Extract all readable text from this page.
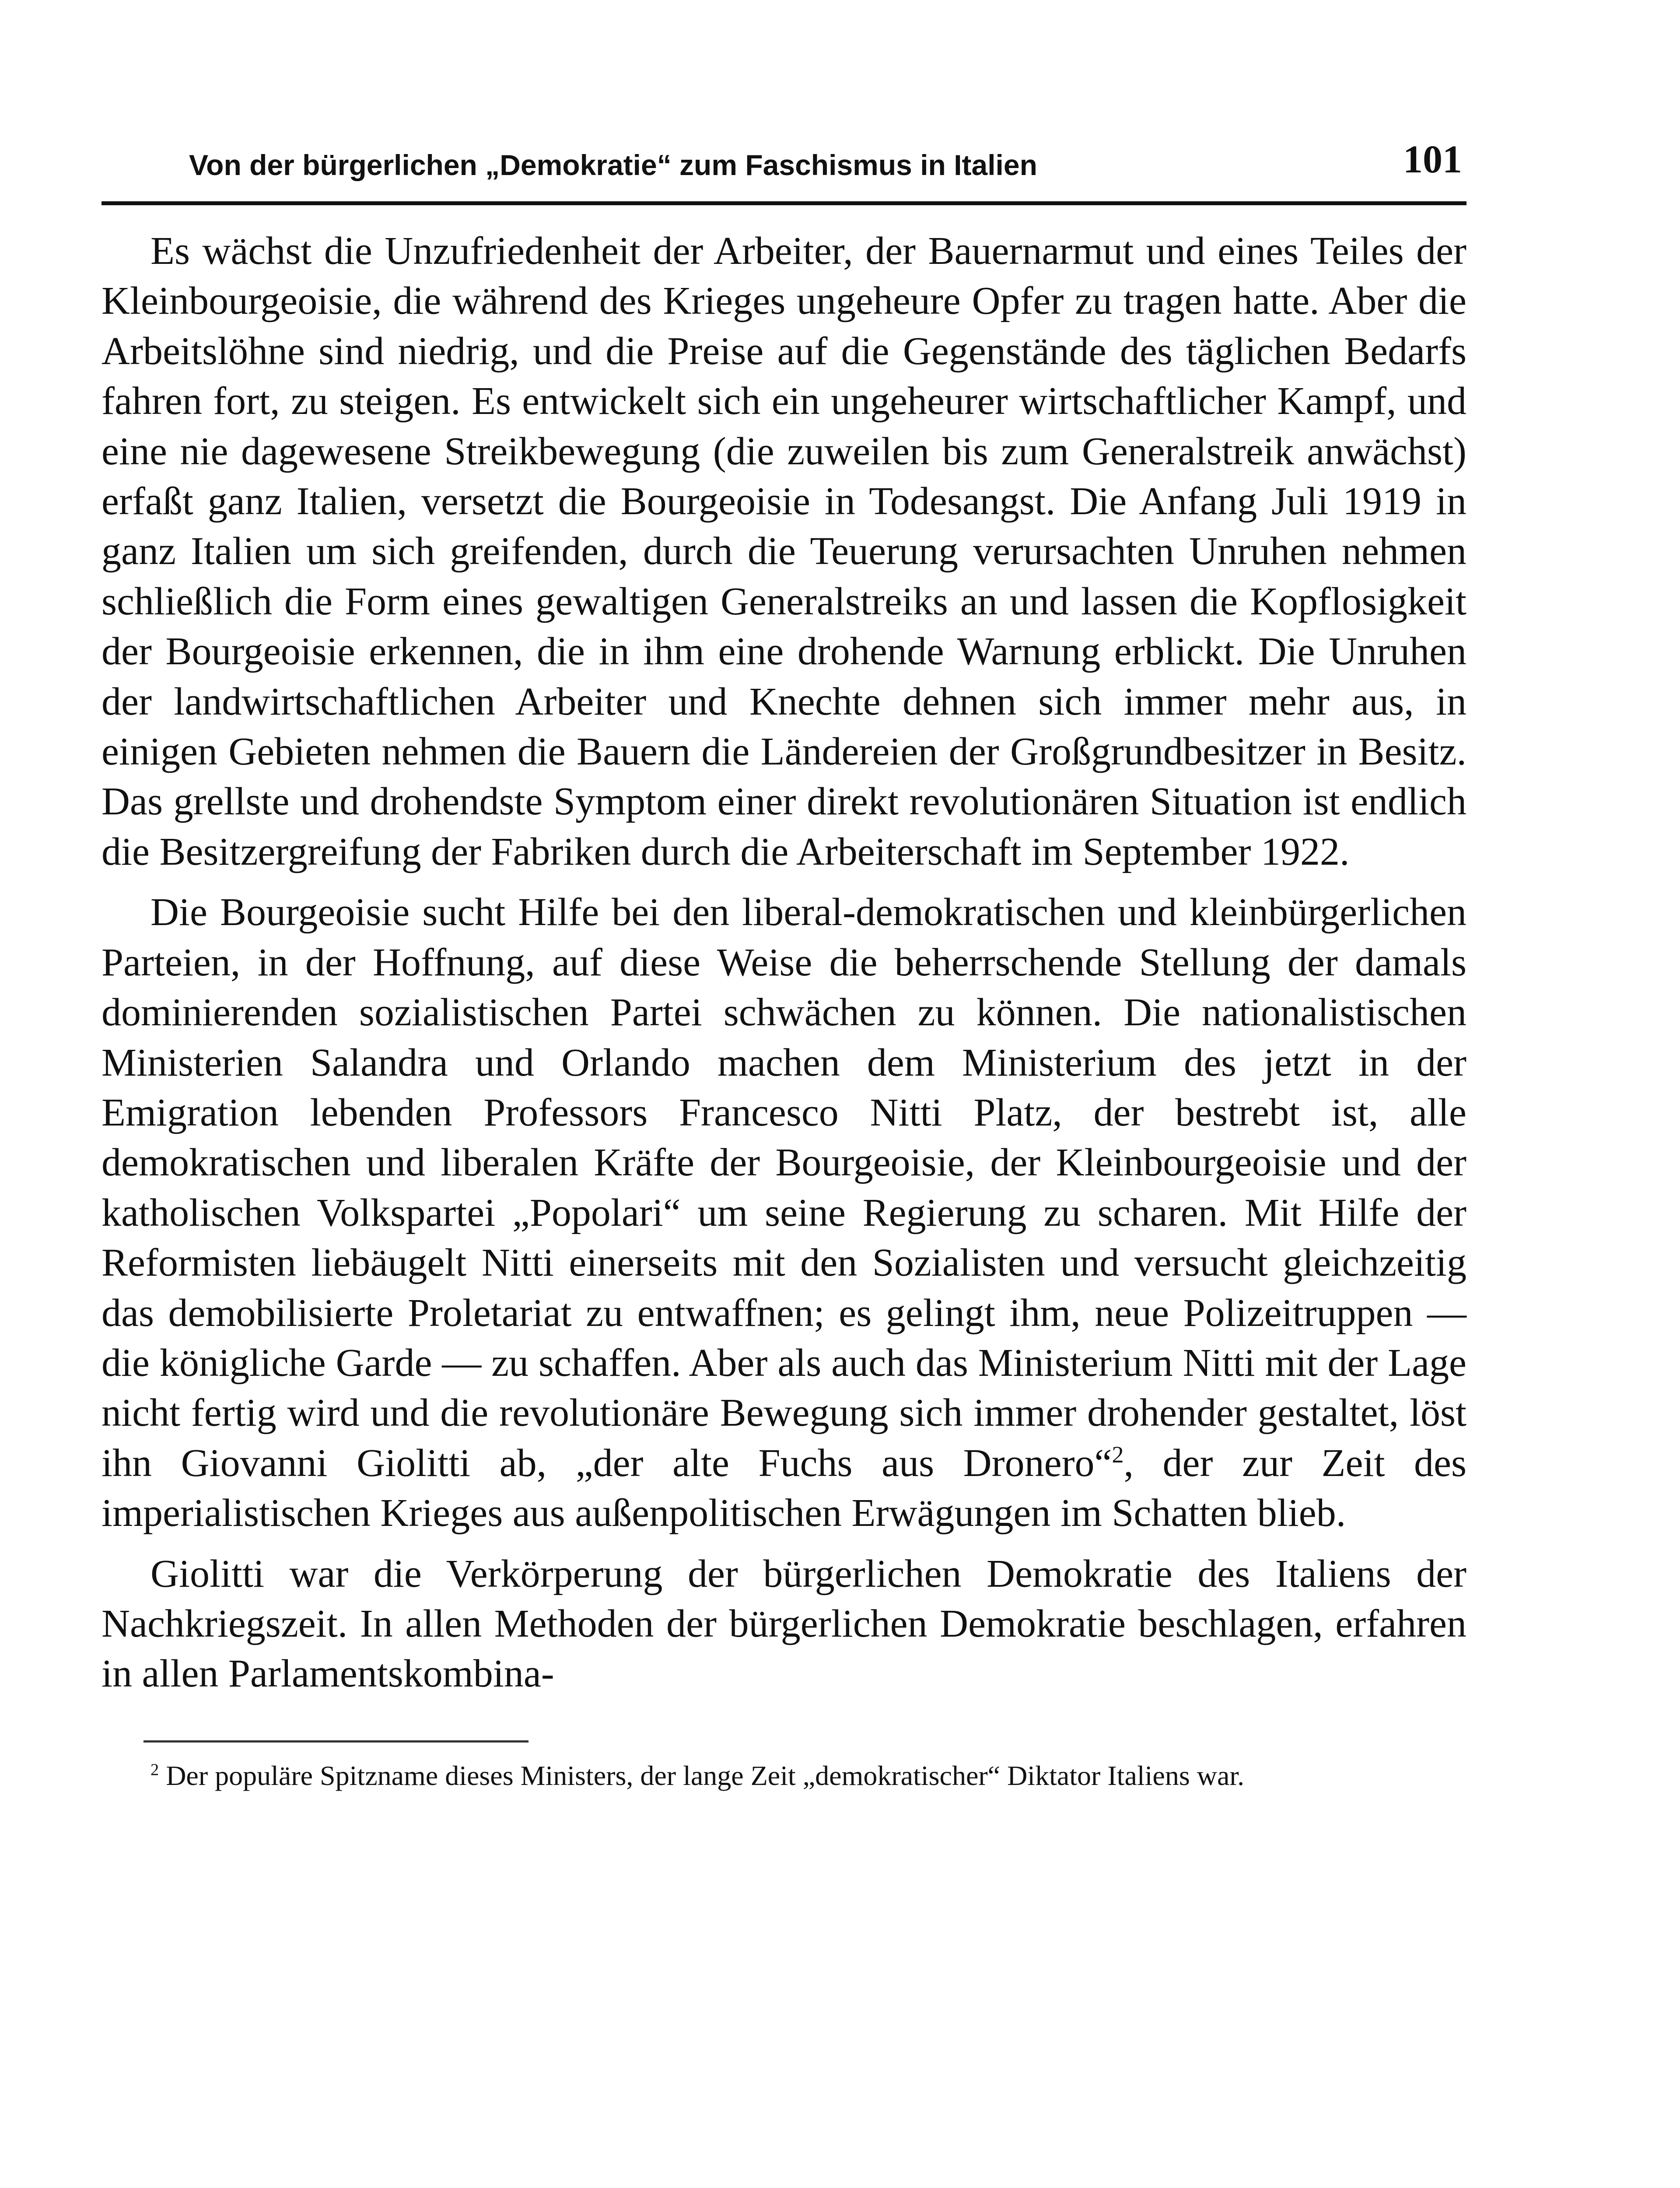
Von der bürgerlichen „Demokratie“ zum Faschismus in Italien	101

Es wächst die Unzufriedenheit der Arbeiter, der Bauernarmut und eines Teiles der Kleinbourgeoisie, die während des Krieges ungeheure Opfer zu tragen hatte. Aber die Arbeitslöhne sind niedrig, und die Preise auf die Gegenstände des täglichen Bedarfs fahren fort, zu steigen. Es entwickelt sich ein ungeheurer wirtschaftlicher Kampf, und eine nie dagewesene Streikbewegung (die zuweilen bis zum Generalstreik anwächst) erfaßt ganz Italien, versetzt die Bourgeoisie in Todesangst. Die Anfang Juli 1919 in ganz Italien um sich greifenden, durch die Teuerung verursachten Unruhen nehmen schließlich die Form eines gewaltigen Generalstreiks an und lassen die Kopflosigkeit der Bourgeoisie erkennen, die in ihm eine drohende Warnung erblickt. Die Unruhen der landwirtschaftlichen Arbeiter und Knechte dehnen sich immer mehr aus, in einigen Gebieten nehmen die Bauern die Ländereien der Großgrundbesitzer in Besitz. Das grellste und drohendste Symptom einer direkt revolutionären Situation ist endlich die Besitzergreifung der Fabriken durch die Arbeiterschaft im September 1922.

Die Bourgeoisie sucht Hilfe bei den liberal-demokratischen und kleinbürgerlichen Parteien, in der Hoffnung, auf diese Weise die beherrschende Stellung der damals dominierenden sozialistischen Partei schwächen zu können. Die nationalistischen Ministerien Salandra und Orlando machen dem Ministerium des jetzt in der Emigration lebenden Professors Francesco Nitti Platz, der bestrebt ist, alle demokratischen und liberalen Kräfte der Bourgeoisie, der Kleinbourgeoisie und der katholischen Volkspartei „Popolari“ um seine Regierung zu scharen. Mit Hilfe der Reformisten liebäugelt Nitti einerseits mit den Sozialisten und versucht gleichzeitig das demobilisierte Proletariat zu entwaffnen; es gelingt ihm, neue Polizeitruppen — die königliche Garde — zu schaffen. Aber als auch das Ministerium Nitti mit der Lage nicht fertig wird und die revolutionäre Bewegung sich immer drohender gestaltet, löst ihn Giovanni Giolitti ab, „der alte Fuchs aus Dronero“$^2$, der zur Zeit des imperialistischen Krieges aus außenpolitischen Erwägungen im Schatten blieb.

Giolitti war die Verkörperung der bürgerlichen Demokratie des Italiens der Nachkriegszeit. In allen Methoden der bürgerlichen Demokratie beschlagen, erfahren in allen Parlamentskombina-

$^2$ Der populäre Spitzname dieses Ministers, der lange Zeit „demokratischer“ Diktator Italiens war.
